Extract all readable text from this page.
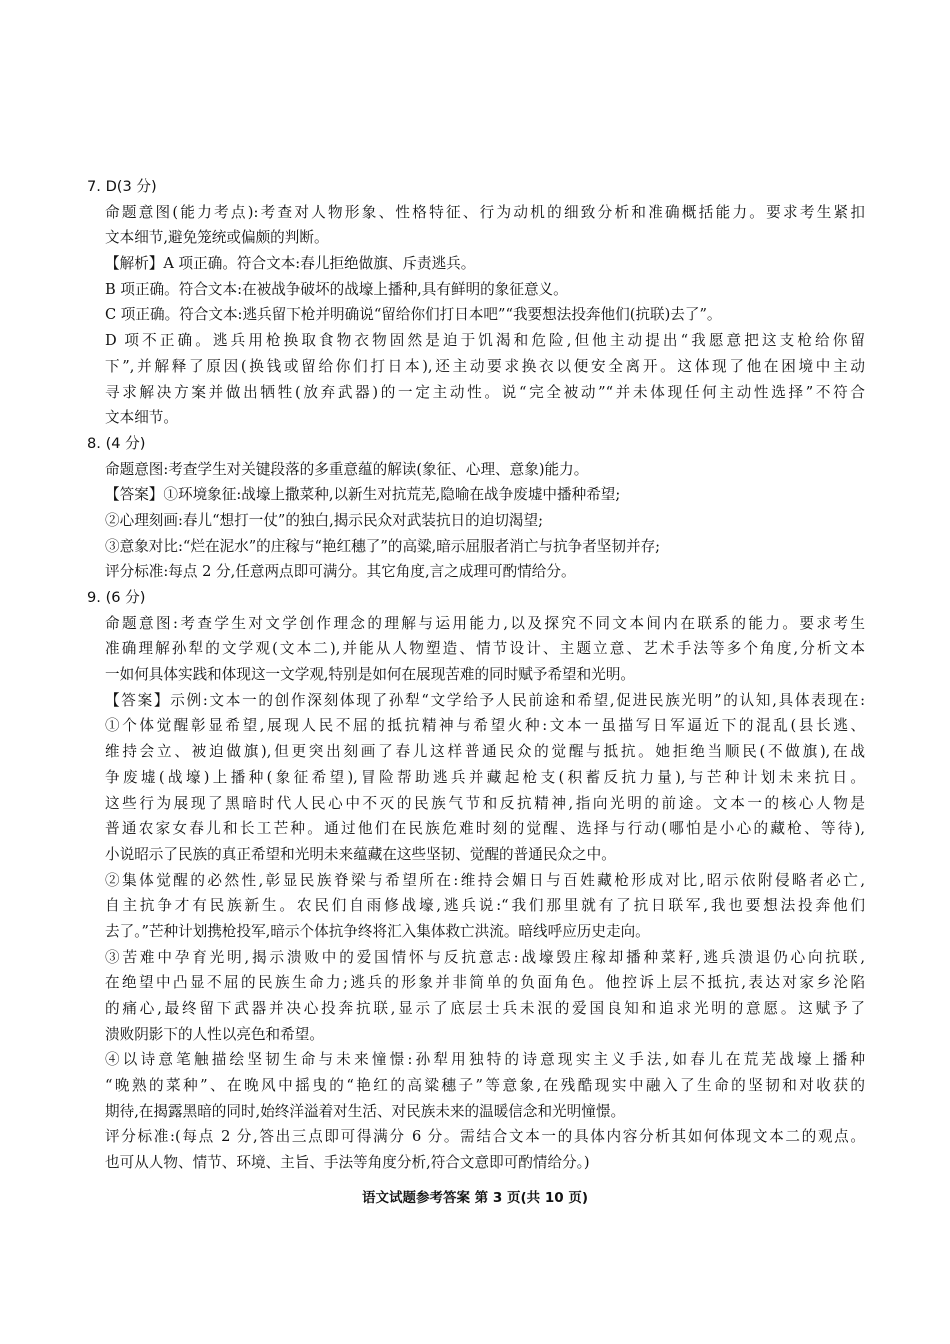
7. D(3 分)
命题意图(能力考点):考查对人物形象、性格特征、行为动机的细致分析和准确概括能力。要求考生紧扣
文本细节,避免笼统或偏颇的判断。
【解析】A 项正确。符合文本:春儿拒绝做旗、斥责逃兵。
B 项正确。符合文本:在被战争破坏的战壕上播种,具有鲜明的象征意义。
C 项正确。符合文本:逃兵留下枪并明确说“留给你们打日本吧”“我要想法投奔他们(抗联)去了”。
D 项不正确。逃兵用枪换取食物衣物固然是迫于饥渴和危险,但他主动提出“我愿意把这支枪给你留
下”,并解释了原因(换钱或留给你们打日本),还主动要求换衣以便安全离开。这体现了他在困境中主动
寻求解决方案并做出牺牲(放弃武器)的一定主动性。说“完全被动”“并未体现任何主动性选择”不符合
文本细节。
8. (4 分)
命题意图:考查学生对关键段落的多重意蕴的解读(象征、心理、意象)能力。
【答案】①环境象征:战壕上撒菜种,以新生对抗荒芜,隐喻在战争废墟中播种希望;
②心理刻画:春儿“想打一仗”的独白,揭示民众对武装抗日的迫切渴望;
③意象对比:“烂在泥水”的庄稼与“艳红穗了”的高粱,暗示屈服者消亡与抗争者坚韧并存;
评分标准:每点 2 分,任意两点即可满分。其它角度,言之成理可酌情给分。
9. (6 分)
命题意图:考查学生对文学创作理念的理解与运用能力,以及探究不同文本间内在联系的能力。要求考生
准确理解孙犁的文学观(文本二),并能从人物塑造、情节设计、主题立意、艺术手法等多个角度,分析文本
一如何具体实践和体现这一文学观,特别是如何在展现苦难的同时赋予希望和光明。
【答案】示例:文本一的创作深刻体现了孙犁“文学给予人民前途和希望,促进民族光明”的认知,具体表现在:
①个体觉醒彰显希望,展现人民不屈的抵抗精神与希望火种:文本一虽描写日军逼近下的混乱(县长逃、
维持会立、被迫做旗),但更突出刻画了春儿这样普通民众的觉醒与抵抗。她拒绝当顺民(不做旗),在战
争废墟(战壕)上播种(象征希望),冒险帮助逃兵并藏起枪支(积蓄反抗力量),与芒种计划未来抗日。
这些行为展现了黑暗时代人民心中不灭的民族气节和反抗精神,指向光明的前途。文本一的核心人物是
普通农家女春儿和长工芒种。通过他们在民族危难时刻的觉醒、选择与行动(哪怕是小心的藏枪、等待),
小说昭示了民族的真正希望和光明未来蕴藏在这些坚韧、觉醒的普通民众之中。
②集体觉醒的必然性,彰显民族脊梁与希望所在:维持会媚日与百姓藏枪形成对比,昭示依附侵略者必亡,
自主抗争才有民族新生。农民们自雨修战壕,逃兵说:“我们那里就有了抗日联军,我也要想法投奔他们
去了。”芒种计划携枪投军,暗示个体抗争终将汇入集体救亡洪流。暗线呼应历史走向。
③苦难中孕育光明,揭示溃败中的爱国情怀与反抗意志:战壕毁庄稼却播种菜籽,逃兵溃退仍心向抗联,
在绝望中凸显不屈的民族生命力;逃兵的形象并非简单的负面角色。他控诉上层不抵抗,表达对家乡沦陷
的痛心,最终留下武器并决心投奔抗联,显示了底层士兵未泯的爱国良知和追求光明的意愿。这赋予了
溃败阴影下的人性以亮色和希望。
④以诗意笔触描绘坚韧生命与未来憧憬:孙犁用独特的诗意现实主义手法,如春儿在荒芜战壕上播种
“晚熟的菜种”、在晚风中摇曳的“艳红的高粱穗子”等意象,在残酷现实中融入了生命的坚韧和对收获的
期待,在揭露黑暗的同时,始终洋溢着对生活、对民族未来的温暖信念和光明憧憬。
评分标准:(每点 2 分,答出三点即可得满分 6 分。需结合文本一的具体内容分析其如何体现文本二的观点。
也可从人物、情节、环境、主旨、手法等角度分析,符合文意即可酌情给分。)
语文试题参考答案 第 3 页(共 10 页)
